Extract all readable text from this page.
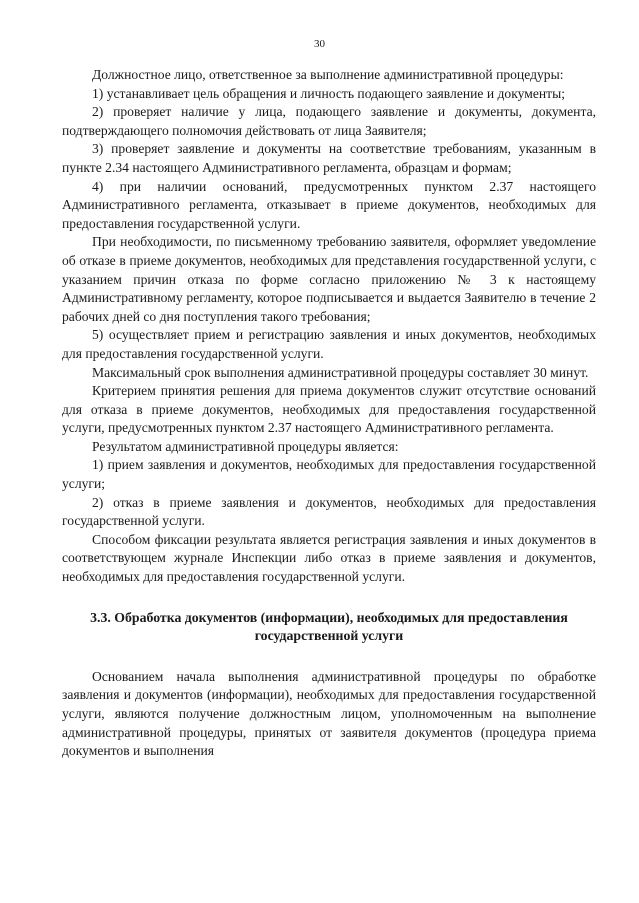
30

Должностное лицо, ответственное за выполнение административной процедуры:

1) устанавливает цель обращения и личность подающего заявление и документы;

2) проверяет наличие у лица, подающего заявление и документы, документа, подтверждающего полномочия действовать от лица Заявителя;

3) проверяет заявление и документы на соответствие требованиям, указанным в пункте 2.34 настоящего Административного регламента, образцам и формам;

4) при наличии оснований, предусмотренных пунктом 2.37 настоящего Административного регламента, отказывает в приеме документов, необходимых для предоставления государственной услуги.

При необходимости, по письменному требованию заявителя, оформляет уведомление об отказе в приеме документов, необходимых для представления государственной услуги, с указанием причин отказа по форме согласно приложению № 3 к настоящему Административному регламенту, которое подписывается и выдается Заявителю в течение 2 рабочих дней со дня поступления такого требования;

5) осуществляет прием и регистрацию заявления и иных документов, необходимых для предоставления государственной услуги.

Максимальный срок выполнения административной процедуры составляет 30 минут.

Критерием принятия решения для приема документов служит отсутствие оснований для отказа в приеме документов, необходимых для предоставления государственной услуги, предусмотренных пунктом 2.37 настоящего Административного регламента.

Результатом административной процедуры является:

1) прием заявления и документов, необходимых для предоставления государственной услуги;

2) отказ в приеме заявления и документов, необходимых для предоставления государственной услуги.

Способом фиксации результата является регистрация заявления и иных документов в соответствующем журнале Инспекции либо отказ в приеме заявления и документов, необходимых для предоставления государственной услуги.

3.3. Обработка документов (информации), необходимых для предоставления
государственной услуги

Основанием начала выполнения административной процедуры по обработке заявления и документов (информации), необходимых для предоставления государственной услуги, являются получение должностным лицом, уполномоченным на выполнение административной процедуры, принятых от заявителя документов (процедура приема документов и выполнения
